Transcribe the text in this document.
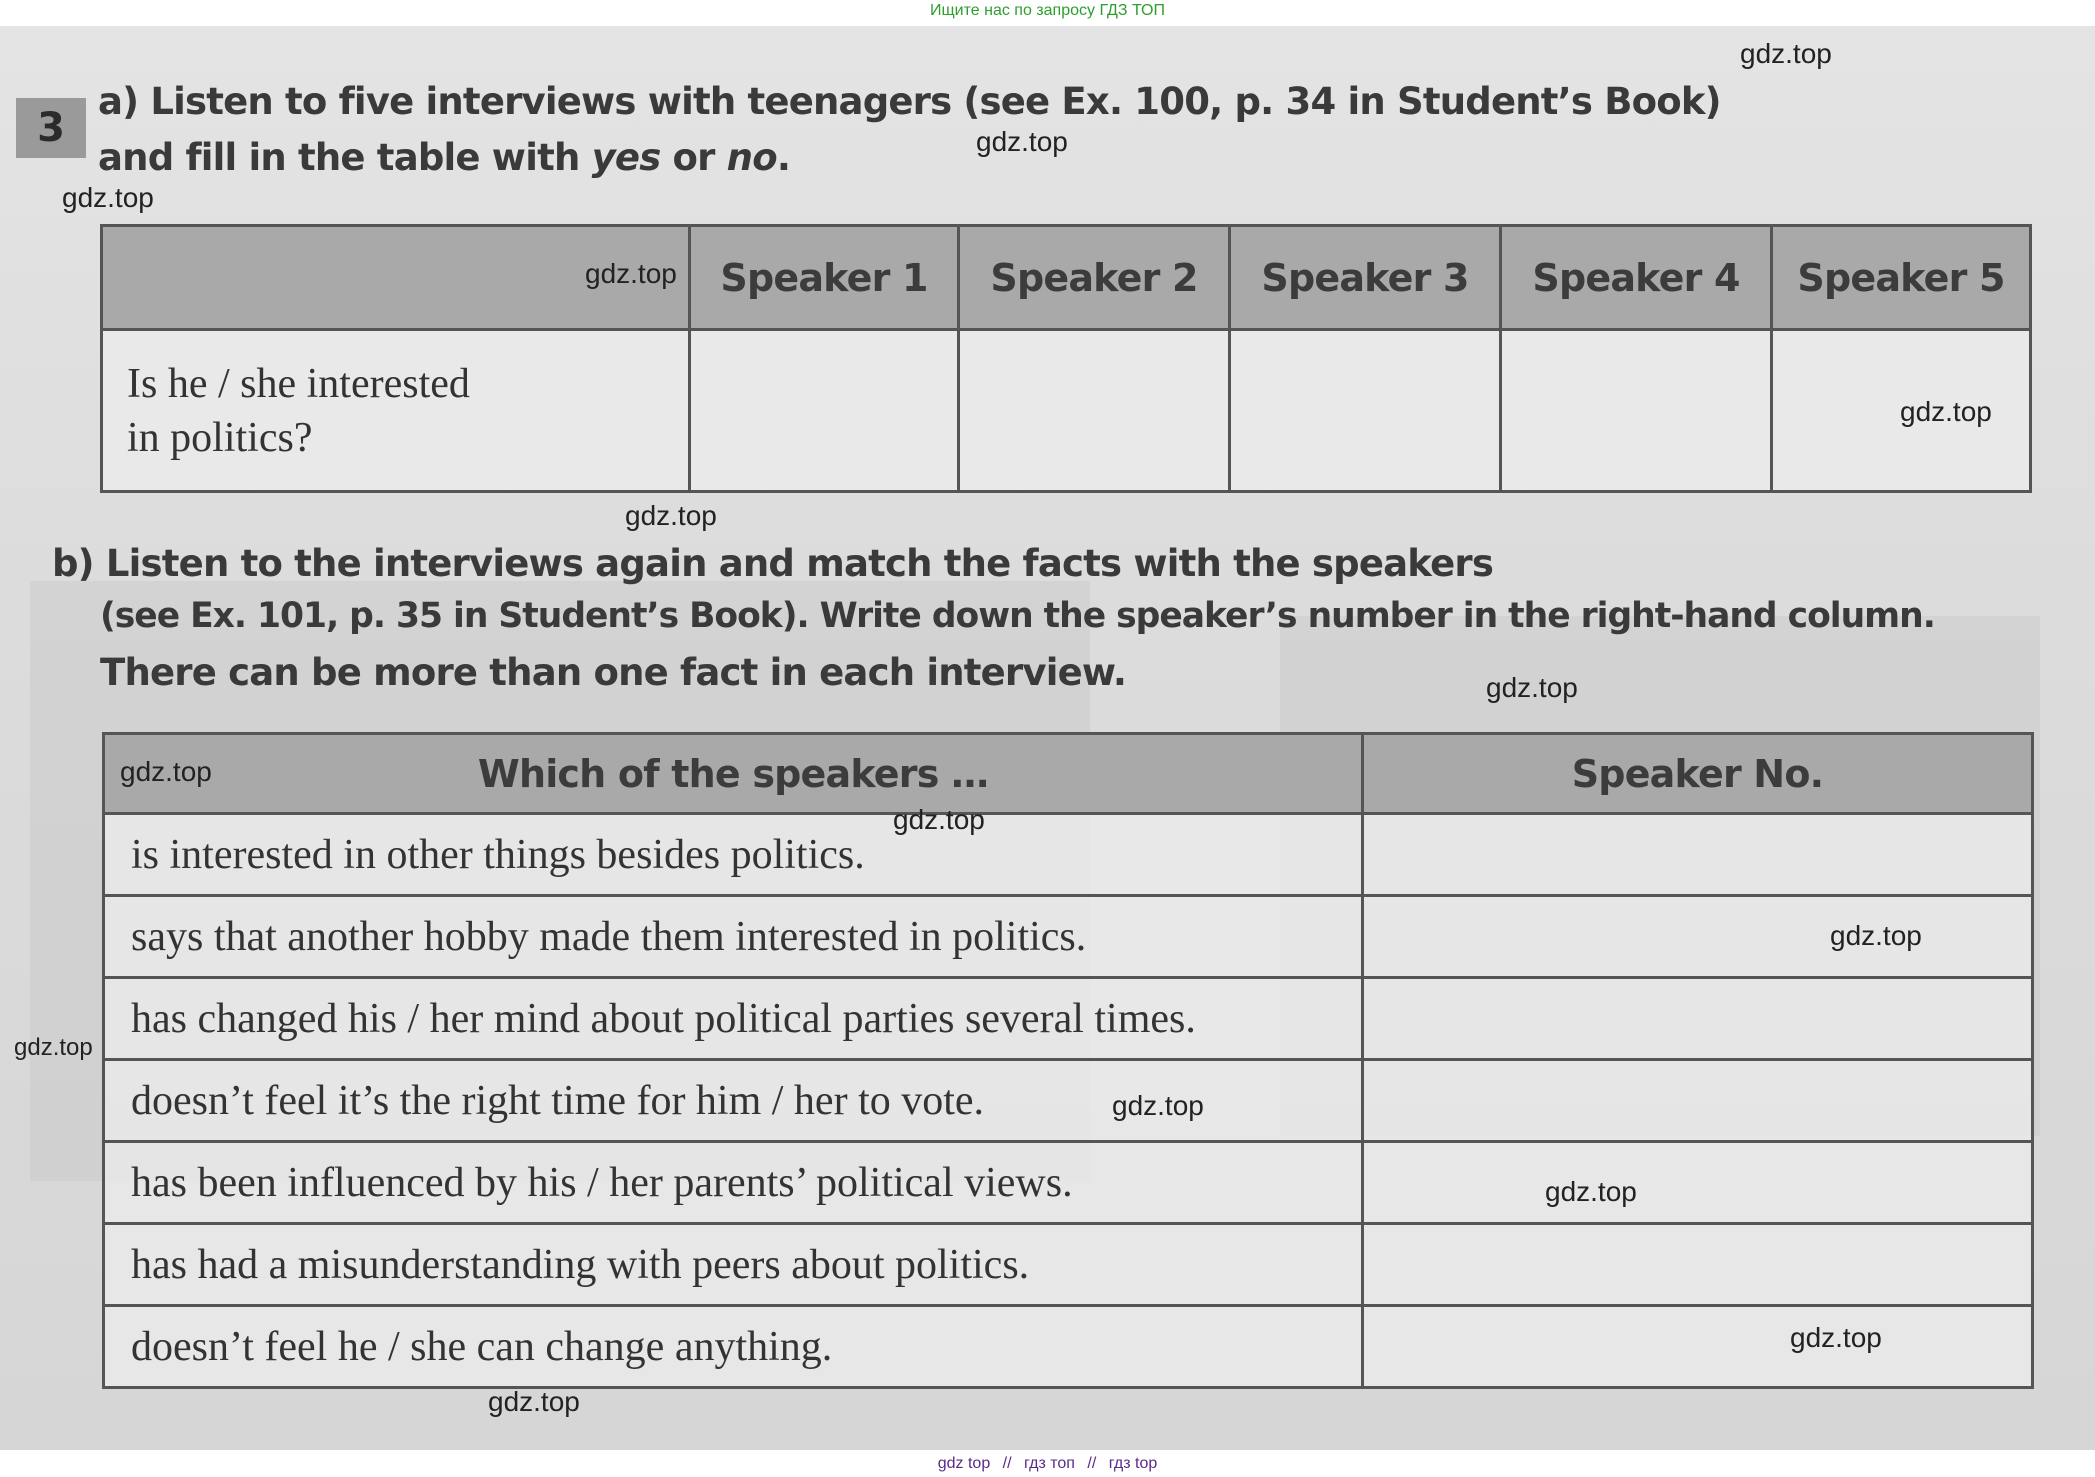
Ищите нас по запросу ГДЗ ТОП
3
a) Listen to five interviews with teenagers (see Ex. 100, p. 34 in Student’s Book)
and fill in the table with yes or no.
	Speaker 1	Speaker 2	Speaker 3	Speaker 4	Speaker 5

Is he / she interested
in politics?					

b) Listen to the interviews again and match the facts with the speakers
(see Ex. 101, p. 35 in Student’s Book). Write down the speaker’s number in the right-hand column.
There can be more than one fact in each interview.
Which of the speakers …	Speaker No.

is interested in other things besides politics.	

says that another hobby made them interested in politics.	

has changed his / her mind about political parties several times.	

doesn’t feel it’s the right time for him / her to vote.	

has been influenced by his / her parents’ political views.	

has had a misunderstanding with peers about politics.	

doesn’t feel he / she can change anything.	

gdz.top
gdz.top
gdz.top
gdz.top
gdz.top
gdz.top
gdz.top
gdz.top
gdz.top
gdz.top
gdz.top
gdz.top
gdz.top
gdz.top
gdz.top
gdz top // гдз топ // гдз top
